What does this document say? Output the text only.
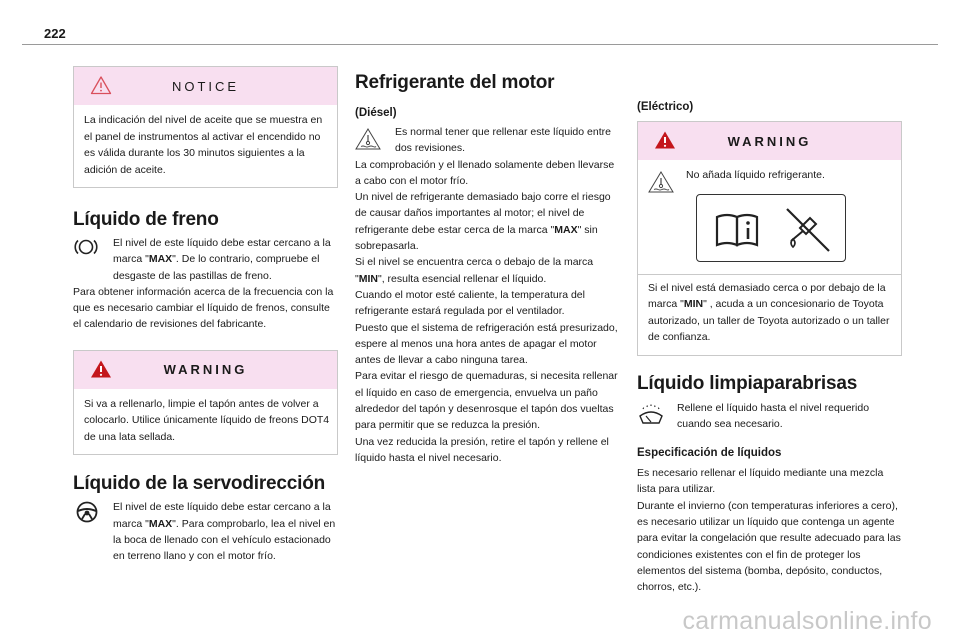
222
NOTICE
La indicación del nivel de aceite que se muestra en el panel de instrumentos al activar el encendido no es válida durante los 30 minutos siguientes a la adición de aceite.
Líquido de freno
El nivel de este líquido debe estar cercano a la marca "MAX". De lo contrario, compruebe el desgaste de las pastillas de freno.
Para obtener información acerca de la frecuencia con la que es necesario cambiar el líquido de frenos, consulte el calendario de revisiones del fabricante.
WARNING
Si va a rellenarlo, limpie el tapón antes de volver a colocarlo. Utilice únicamente líquido de freons DOT4 de una lata sellada.
Líquido de la servodirección
El nivel de este líquido debe estar cercano a la marca "MAX". Para comprobarlo, lea el nivel en la boca de llenado con el vehículo estacionado en terreno llano y con el motor frío.
Refrigerante del motor
(Diésel)
Es normal tener que rellenar este líquido entre dos revisiones.
La comprobación y el llenado solamente deben llevarse a cabo con el motor frío.
Un nivel de refrigerante demasiado bajo corre el riesgo de causar daños importantes al motor; el nivel de refrigerante debe estar cerca de la marca "MAX" sin sobrepasarla.
Si el nivel se encuentra cerca o debajo de la marca "MIN", resulta esencial rellenar el líquido.
Cuando el motor esté caliente, la temperatura del refrigerante estará regulada por el ventilador.
Puesto que el sistema de refrigeración está presurizado, espere al menos una hora antes de apagar el motor antes de llevar a cabo ninguna tarea.
Para evitar el riesgo de quemaduras, si necesita rellenar el líquido en caso de emergencia, envuelva un paño alrededor del tapón y desenrosque el tapón dos vueltas para permitir que se reduzca la presión.
Una vez reducida la presión, retire el tapón y rellene el líquido hasta el nivel necesario.
(Eléctrico)
WARNING
No añada líquido refrigerante.
Si el nivel está demasiado cerca o por debajo de la marca "MIN" , acuda a un concesionario de Toyota autorizado, un taller de Toyota autorizado o un taller de confianza.
Líquido limpiaparabrisas
Rellene el líquido hasta el nivel requerido cuando sea necesario.
Especificación de líquidos
Es necesario rellenar el líquido mediante una mezcla lista para utilizar.
Durante el invierno (con temperaturas inferiores a cero), es necesario utilizar un líquido que contenga un agente para evitar la congelación que resulte adecuado para las condiciones existentes con el fin de proteger los elementos del sistema (bomba, depósito, conductos, chorros, etc.).
carmanualsonline.info
